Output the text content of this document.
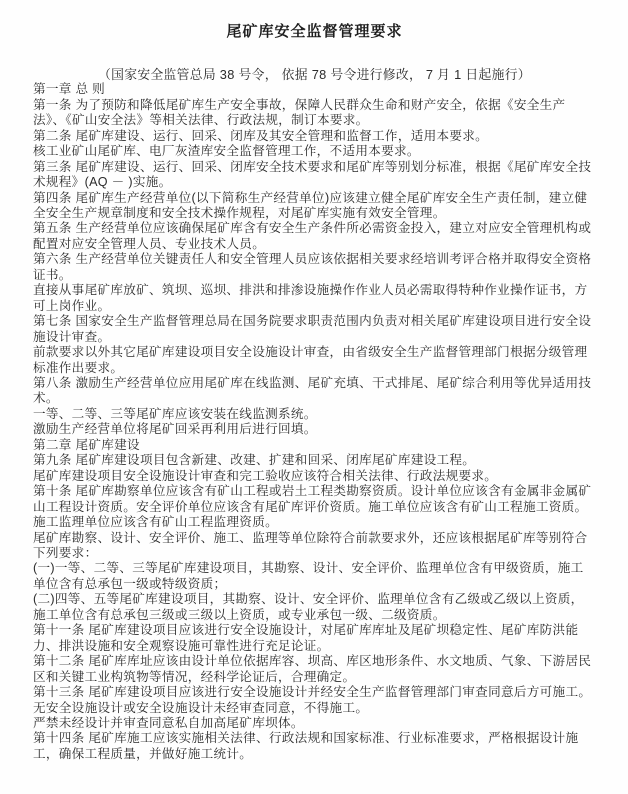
尾矿库安全监督管理要求

（国家安全监管总局 38 号令， 依据 78 号令进行修改， 7 月 1 日起施行）

第一章 总 则

第一条 为了预防和降低尾矿库生产安全事故，保障人民群众生命和财产安全，依据《安全生产法》、《矿山安全法》等相关法律、行政法规，制订本要求。

第二条 尾矿库建设、运行、回采、闭库及其安全管理和监督工作，适用本要求。

核工业矿山尾矿库、电厂灰渣库安全监督管理工作，不适用本要求。

第三条 尾矿库建设、运行、回采、闭库安全技术要求和尾矿库等别划分标准，根据《尾矿库安全技术规程》(AQ － )实施。

第四条 尾矿库生产经营单位(以下简称生产经营单位)应该建立健全尾矿库安全生产责任制，建立健全安全生产规章制度和安全技术操作规程，对尾矿库实施有效安全管理。

第五条 生产经营单位应该确保尾矿库含有安全生产条件所必需资金投入，建立对应安全管理机构或配置对应安全管理人员、专业技术人员。

第六条 生产经营单位关键责任人和安全管理人员应该依据相关要求经培训考评合格并取得安全资格证书。

直接从事尾矿库放矿、筑坝、巡坝、排洪和排渗设施操作作业人员必需取得特种作业操作证书，方可上岗作业。

第七条 国家安全生产监督管理总局在国务院要求职责范围内负责对相关尾矿库建设项目进行安全设施设计审查。

前款要求以外其它尾矿库建设项目安全设施设计审查，由省级安全生产监督管理部门根据分级管理标准作出要求。

第八条 激励生产经营单位应用尾矿库在线监测、尾矿充填、干式排尾、尾矿综合利用等优异适用技术。

一等、二等、三等尾矿库应该安装在线监测系统。

激励生产经营单位将尾矿回采再利用后进行回填。

第二章 尾矿库建设

第九条 尾矿库建设项目包含新建、改建、扩建和回采、闭库尾矿库建设工程。

尾矿库建设项目安全设施设计审查和完工验收应该符合相关法律、行政法规要求。

第十条 尾矿库勘察单位应该含有矿山工程或岩土工程类勘察资质。设计单位应该含有金属非金属矿山工程设计资质。安全评价单位应该含有尾矿库评价资质。施工单位应该含有矿山工程施工资质。施工监理单位应该含有矿山工程监理资质。

尾矿库勘察、设计、安全评价、施工、监理等单位除符合前款要求外，还应该根据尾矿库等别符合下列要求：

(一)一等、二等、三等尾矿库建设项目，其勘察、设计、安全评价、监理单位含有甲级资质，施工单位含有总承包一级或特级资质；

(二)四等、五等尾矿库建设项目，其勘察、设计、安全评价、监理单位含有乙级或乙级以上资质，施工单位含有总承包三级或三级以上资质，或专业承包一级、二级资质。

第十一条 尾矿库建设项目应该进行安全设施设计，对尾矿库库址及尾矿坝稳定性、尾矿库防洪能力、排洪设施和安全观察设施可靠性进行充足论证。

第十二条 尾矿库库址应该由设计单位依据库容、坝高、库区地形条件、水文地质、气象、下游居民区和关键工业构筑物等情况，经科学论证后，合理确定。

第十三条 尾矿库建设项目应该进行安全设施设计并经安全生产监督管理部门审查同意后方可施工。

无安全设施设计或安全设施设计未经审查同意，不得施工。

严禁未经设计并审查同意私自加高尾矿库坝体。

第十四条 尾矿库施工应该实施相关法律、行政法规和国家标准、行业标准要求，严格根据设计施工，确保工程质量，并做好施工统计。
